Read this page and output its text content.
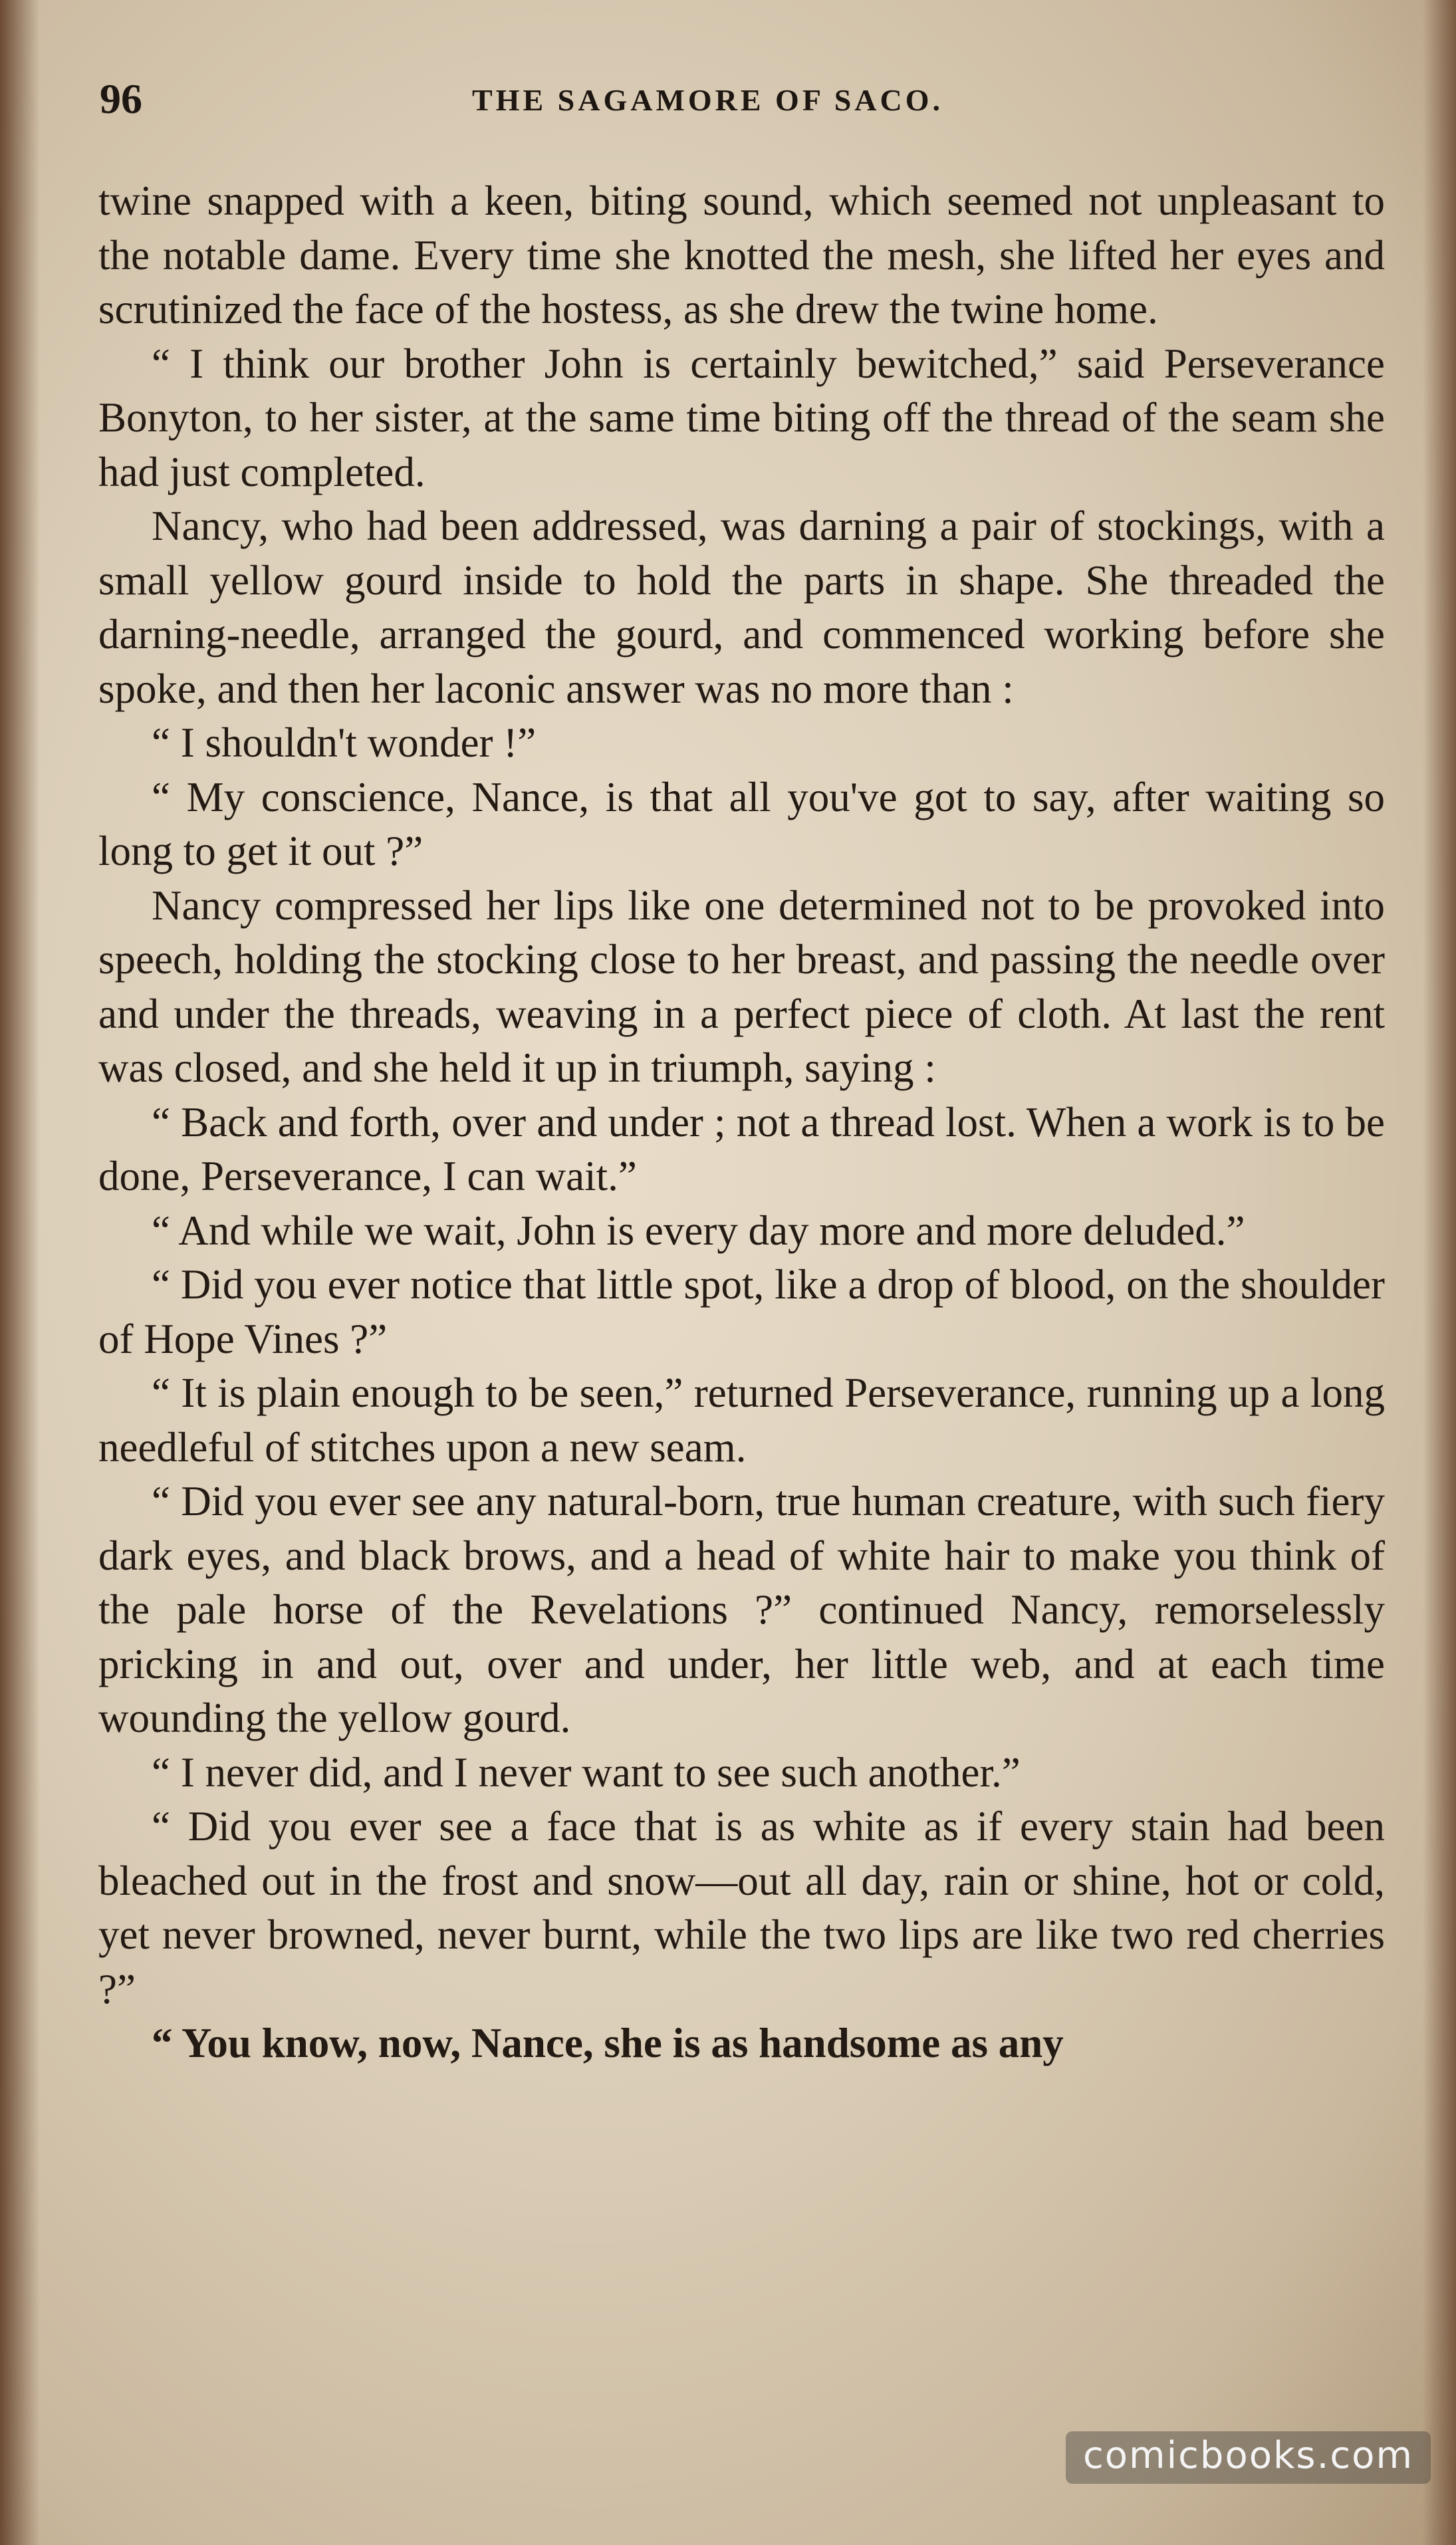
96	THE SAGAMORE OF SACO.

twine snapped with a keen, biting sound, which seemed not unpleasant to the notable dame. Every time she knotted the mesh, she lifted her eyes and scrutinized the face of the hostess, as she drew the twine home.

“ I think our brother John is certainly bewitched,” said Perseverance Bonyton, to her sister, at the same time biting off the thread of the seam she had just completed.

Nancy, who had been addressed, was darning a pair of stockings, with a small yellow gourd inside to hold the parts in shape. She threaded the darning-needle, arranged the gourd, and commenced working before she spoke, and then her laconic answer was no more than :

“ I shouldn't wonder !”

“ My conscience, Nance, is that all you've got to say, after waiting so long to get it out ?”

Nancy compressed her lips like one determined not to be provoked into speech, holding the stocking close to her breast, and passing the needle over and under the threads, weaving in a perfect piece of cloth. At last the rent was closed, and she held it up in triumph, saying :

“ Back and forth, over and under ; not a thread lost. When a work is to be done, Perseverance, I can wait.”

“ And while we wait, John is every day more and more deluded.”

“ Did you ever notice that little spot, like a drop of blood, on the shoulder of Hope Vines ?”

“ It is plain enough to be seen,” returned Perseverance, running up a long needleful of stitches upon a new seam.

“ Did you ever see any natural-born, true human creature, with such fiery dark eyes, and black brows, and a head of white hair to make you think of the pale horse of the Revelations ?” continued Nancy, remorselessly pricking in and out, over and under, her little web, and at each time wounding the yellow gourd.

“ I never did, and I never want to see such another.”

“ Did you ever see a face that is as white as if every stain had been bleached out in the frost and snow—out all day, rain or shine, hot or cold, yet never browned, never burnt, while the two lips are like two red cherries ?”

“ You know, now, Nance, she is as handsome as any

comicbooks.com
